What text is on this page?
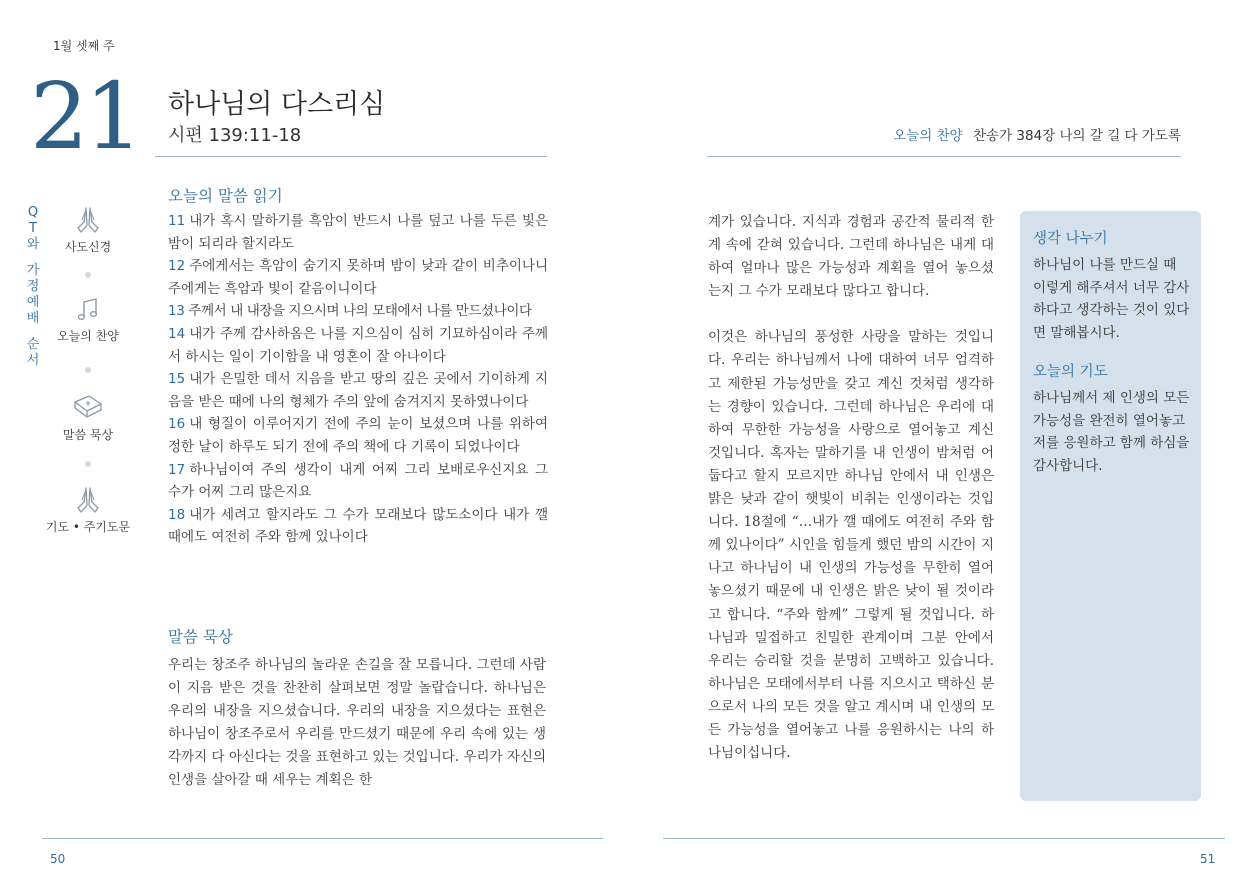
1월 셋째 주
21 하나님의 다스리심
시편 139:11-18	오늘의 찬양 찬송가 384장 나의 갈 길 다 가도록
Q
T
와
가
정
예
배
순
서
사도신경
오늘의 찬양
말씀 묵상
기도 • 주기도문
오늘의 말씀 읽기
11 내가 혹시 말하기를 흑암이 반드시 나를 덮고 나를 두른 빛은 밤이 되리라 할지라도
12 주에게서는 흑암이 숨기지 못하며 밤이 낮과 같이 비추이나니 주에게는 흑암과 빛이 같음이니이다
13 주께서 내 내장을 지으시며 나의 모태에서 나를 만드셨나이다
14 내가 주께 감사하옴은 나를 지으심이 심히 기묘하심이라 주께서 하시는 일이 기이함을 내 영혼이 잘 아나이다
15 내가 은밀한 데서 지음을 받고 땅의 깊은 곳에서 기이하게 지음을 받은 때에 나의 형체가 주의 앞에 숨겨지지 못하였나이다
16 내 형질이 이루어지기 전에 주의 눈이 보셨으며 나를 위하여 정한 날이 하루도 되기 전에 주의 책에 다 기록이 되었나이다
17 하나님이여 주의 생각이 내게 어찌 그리 보배로우신지요 그 수가 어찌 그리 많은지요
18 내가 세려고 할지라도 그 수가 모래보다 많도소이다 내가 깰 때에도 여전히 주와 함께 있나이다
말씀 묵상

우리는 창조주 하나님의 놀라운 손길을 잘 모릅니다. 그런데 사람이 지음 받은 것을 찬찬히 살펴보면 정말 놀랍습니다. 하나님은 우리의 내장을 지으셨습니다. 우리의 내장을 지으셨다는 표현은 하나님이 창조주로서 우리를 만드셨기 때문에 우리 속에 있는 생각까지 다 아신다는 것을 표현하고 있는 것입니다. 우리가 자신의 인생을 살아갈 때 세우는 계획은 한

계가 있습니다. 지식과 경험과 공간적 물리적 한계 속에 갇혀 있습니다. 그런데 하나님은 내게 대하여 얼마나 많은 가능성과 계획을 열어 놓으셨는지 그 수가 모래보다 많다고 합니다.

이것은 하나님의 풍성한 사랑을 말하는 것입니다. 우리는 하나님께서 나에 대하여 너무 엄격하고 제한된 가능성만을 갖고 계신 것처럼 생각하는 경향이 있습니다. 그런데 하나님은 우리에 대하여 무한한 가능성을 사랑으로 열어놓고 계신 것입니다. 혹자는 말하기를 내 인생이 밤처럼 어둡다고 할지 모르지만 하나님 안에서 내 인생은 밝은 낮과 같이 햇빛이 비취는 인생이라는 것입니다. 18절에 “…내가 깰 때에도 여전히 주와 함께 있나이다” 시인을 힘들게 했던 밤의 시간이 지나고 하나님이 내 인생의 가능성을 무한히 열어놓으셨기 때문에 내 인생은 밝은 낮이 될 것이라고 합니다. “주와 함께” 그렇게 될 것입니다. 하나님과 밀접하고 친밀한 관계이며 그분 안에서 우리는 승리할 것을 분명히 고백하고 있습니다. 하나님은 모태에서부터 나를 지으시고 택하신 분으로서 나의 모든 것을 알고 계시며 내 인생의 모든 가능성을 열어놓고 나를 응원하시는 나의 하나님이십니다.

생각 나누기

하나님이 나를 만드실 때 이렇게 해주셔서 너무 감사하다고 생각하는 것이 있다면 말해봅시다.

오늘의 기도

하나님께서 제 인생의 모든 가능성을 완전히 열어놓고 저를 응원하고 함께 하심을 감사합니다.

50	51
